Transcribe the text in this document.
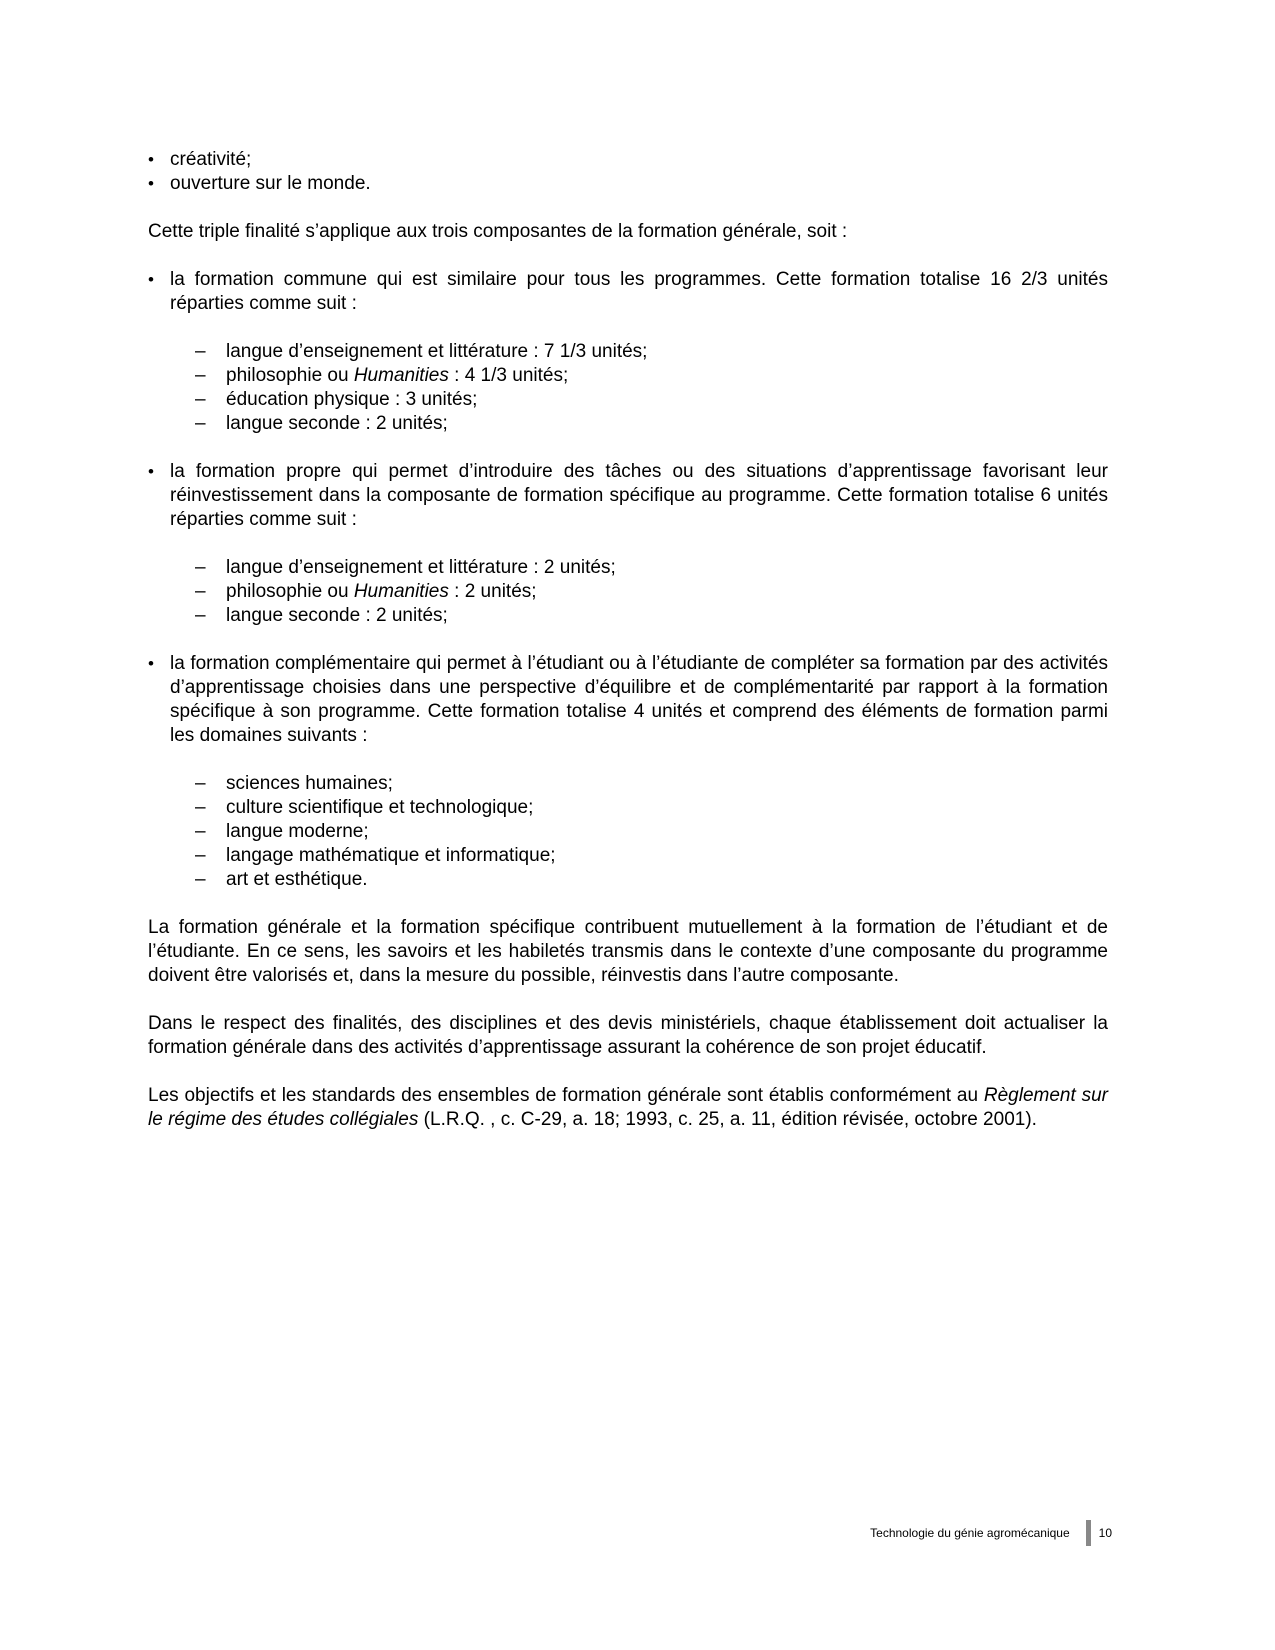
• créativité;
• ouverture sur le monde.

Cette triple finalité s’applique aux trois composantes de la formation générale, soit :

• la formation commune qui est similaire pour tous les programmes. Cette formation totalise 16 2/3 unités réparties comme suit :
– langue d’enseignement et littérature : 7 1/3 unités;
– philosophie ou Humanities : 4 1/3 unités;
– éducation physique : 3 unités;
– langue seconde : 2 unités;
• la formation propre qui permet d’introduire des tâches ou des situations d’apprentissage favorisant leur réinvestissement dans la composante de formation spécifique au programme. Cette formation totalise 6 unités réparties comme suit :
– langue d’enseignement et littérature : 2 unités;
– philosophie ou Humanities : 2 unités;
– langue seconde : 2 unités;
• la formation complémentaire qui permet à l’étudiant ou à l’étudiante de compléter sa formation par des activités d’apprentissage choisies dans une perspective d’équilibre et de complémentarité par rapport à la formation spécifique à son programme. Cette formation totalise 4 unités et comprend des éléments de formation parmi les domaines suivants :
– sciences humaines;
– culture scientifique et technologique;
– langue moderne;
– langage mathématique et informatique;
– art et esthétique.

La formation générale et la formation spécifique contribuent mutuellement à la formation de l’étudiant et de l’étudiante. En ce sens, les savoirs et les habiletés transmis dans le contexte d’une composante du programme doivent être valorisés et, dans la mesure du possible, réinvestis dans l’autre composante.

Dans le respect des finalités, des disciplines et des devis ministériels, chaque établissement doit actualiser la formation générale dans des activités d’apprentissage assurant la cohérence de son projet éducatif.

Les objectifs et les standards des ensembles de formation générale sont établis conformément au Règlement sur le régime des études collégiales (L.R.Q. , c. C-29, a. 18; 1993, c. 25, a. 11, édition révisée, octobre 2001).

Technologie du génie agromécanique 10
